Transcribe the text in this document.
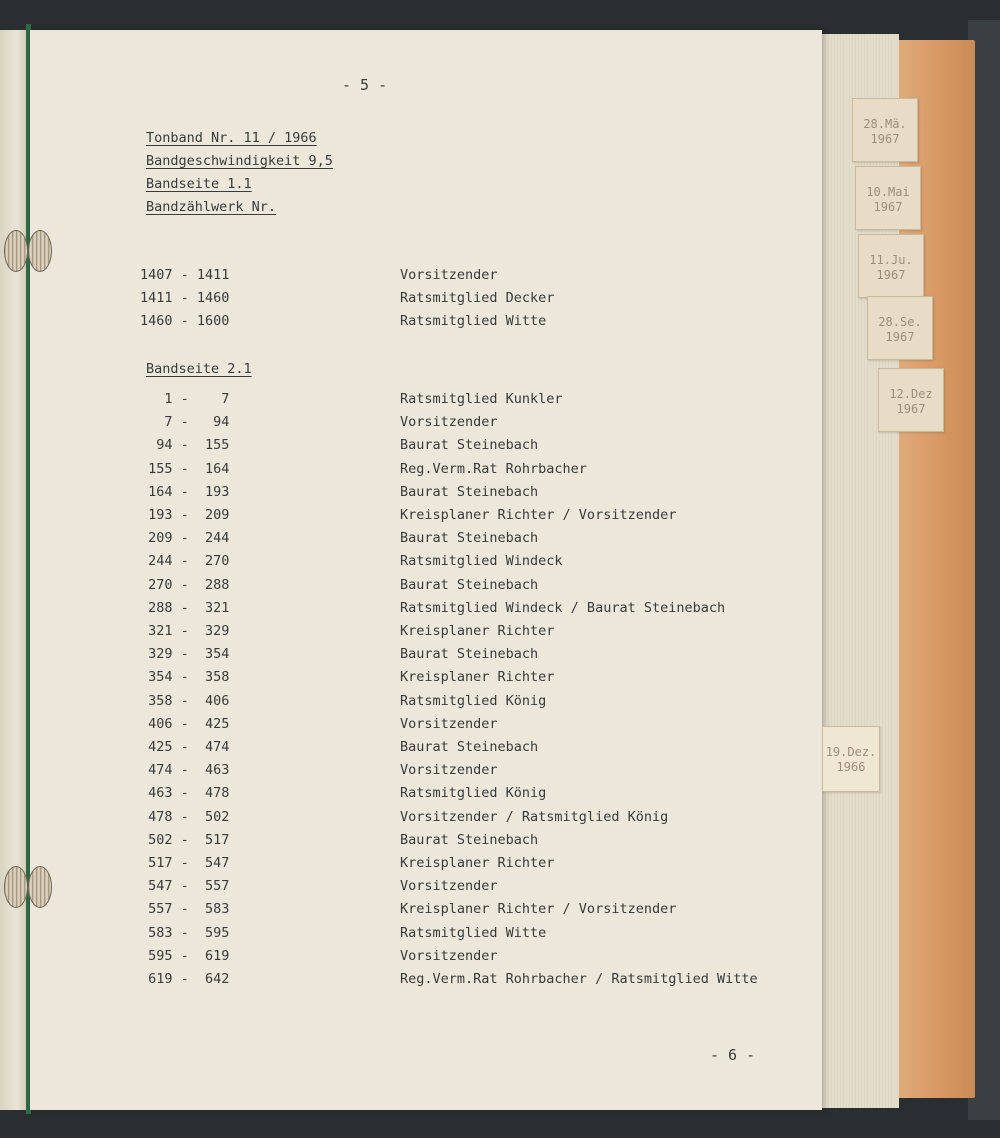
28.Mä.
1967
10.Mai
1967
11.Ju.
1967
28.Se.
1967
12.Dez
1967
19.Dez.
1966
- 5 -
Tonband Nr. 11 / 1966
Bandgeschwindigkeit 9,5
Bandseite 1.1
Bandzählwerk Nr.
1407 - 1411	Vorsitzender
1411 - 1460	Ratsmitglied Decker
1460 - 1600	Ratsmitglied Witte
Bandseite 2.1
1 -    7	Ratsmitglied Kunkler
7 -   94	Vorsitzender
94 -  155	Baurat Steinebach
155 -  164	Reg.Verm.Rat Rohrbacher
164 -  193	Baurat Steinebach
193 -  209	Kreisplaner Richter / Vorsitzender
209 -  244	Baurat Steinebach
244 -  270	Ratsmitglied Windeck
270 -  288	Baurat Steinebach
288 -  321	Ratsmitglied Windeck / Baurat Steinebach
321 -  329	Kreisplaner Richter
329 -  354	Baurat Steinebach
354 -  358	Kreisplaner Richter
358 -  406	Ratsmitglied König
406 -  425	Vorsitzender
425 -  474	Baurat Steinebach
474 -  463	Vorsitzender
463 -  478	Ratsmitglied König
478 -  502	Vorsitzender / Ratsmitglied König
502 -  517	Baurat Steinebach
517 -  547	Kreisplaner Richter
547 -  557	Vorsitzender
557 -  583	Kreisplaner Richter / Vorsitzender
583 -  595	Ratsmitglied Witte
595 -  619	Vorsitzender
619 -  642	Reg.Verm.Rat Rohrbacher / Ratsmitglied Witte
- 6 -
